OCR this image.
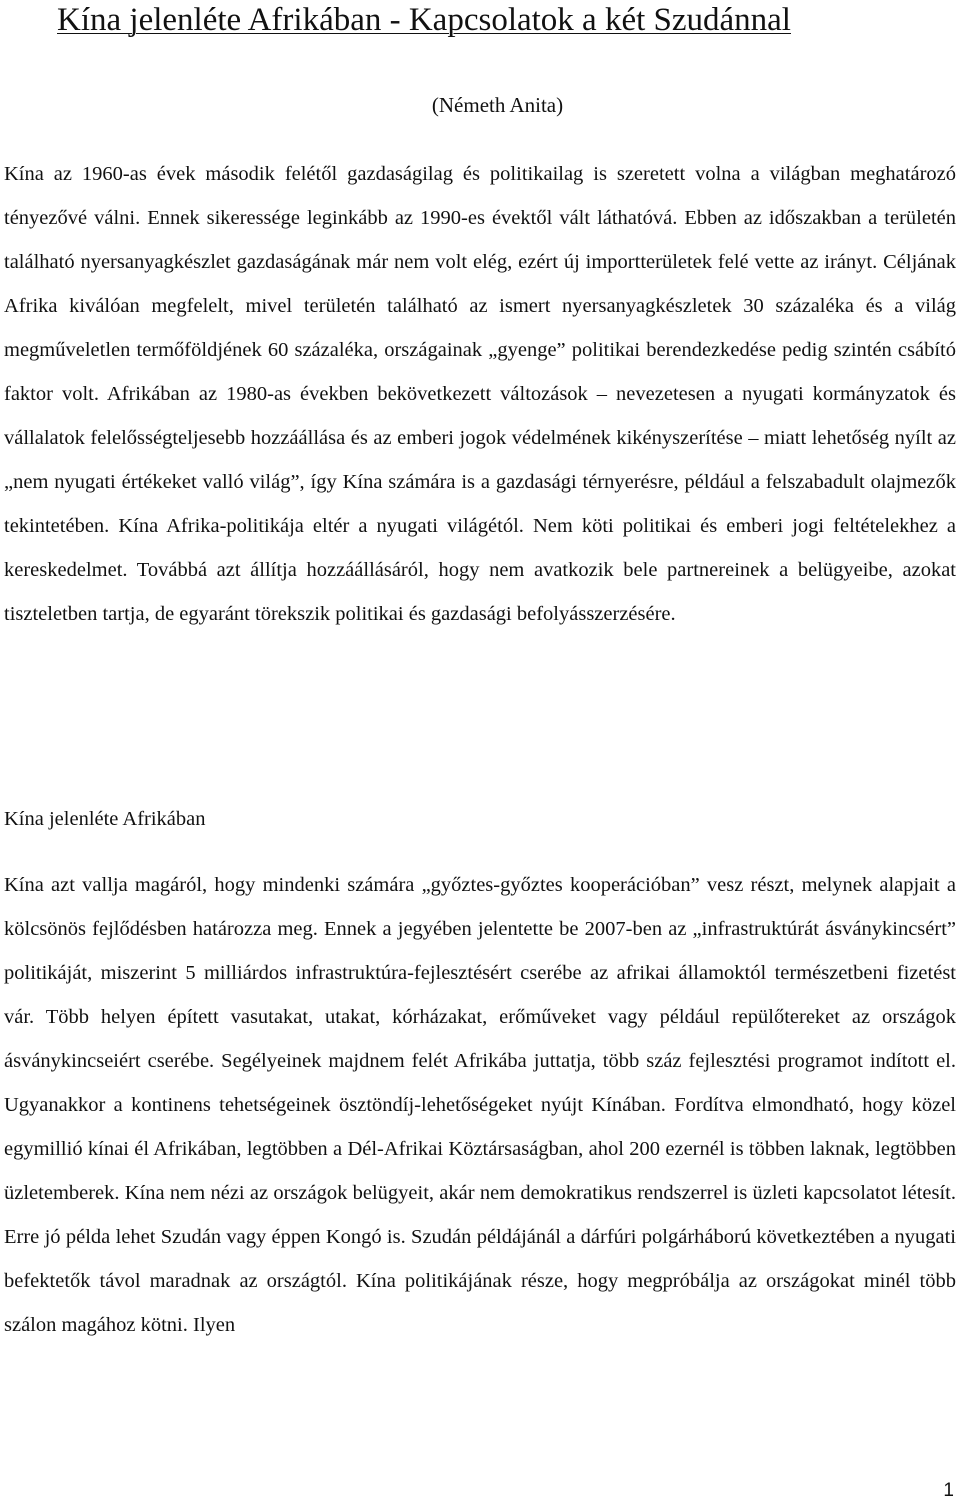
Kína jelenléte Afrikában - Kapcsolatok a két Szudánnal

(Németh Anita)

Kína az 1960-as évek második felétől gazdaságilag és politikailag is szeretett volna a világban meghatározó tényezővé válni. Ennek sikeressége leginkább az 1990-es évektől vált láthatóvá. Ebben az időszakban a területén található nyersanyagkészlet gazdaságának már nem volt elég, ezért új importterületek felé vette az irányt. Céljának Afrika kiválóan megfelelt, mivel területén található az ismert nyersanyagkészletek 30 százaléka és a világ megműveletlen termőföldjének 60 százaléka, országainak „gyenge” politikai berendezkedése pedig szintén csábító faktor volt. Afrikában az 1980-as években bekövetkezett változások – nevezetesen a nyugati kormányzatok és vállalatok felelősségteljesebb hozzáállása és az emberi jogok védelmének kikényszerítése – miatt lehetőség nyílt az „nem nyugati értékeket valló világ”, így Kína számára is a gazdasági térnyerésre, például a felszabadult olajmezők tekintetében. Kína Afrika-politikája eltér a nyugati világétól. Nem köti politikai és emberi jogi feltételekhez a kereskedelmet. Továbbá azt állítja hozzáállásáról, hogy nem avatkozik bele partnereinek a belügyeibe, azokat tiszteletben tartja, de egyaránt törekszik politikai és gazdasági befolyásszerzésére.

Kína jelenléte Afrikában

Kína azt vallja magáról, hogy mindenki számára „győztes-győztes kooperációban” vesz részt, melynek alapjait a kölcsönös fejlődésben határozza meg. Ennek a jegyében jelentette be 2007-ben az „infrastruktúrát ásványkincsért” politikáját, miszerint 5 milliárdos infrastruktúra-fejlesztésért cserébe az afrikai államoktól természetbeni fizetést vár. Több helyen épített vasutakat, utakat, kórházakat, erőműveket vagy például repülőtereket az országok ásványkincseiért cserébe. Segélyeinek majdnem felét Afrikába juttatja, több száz fejlesztési programot indított el. Ugyanakkor a kontinens tehetségeinek ösztöndíj-lehetőségeket nyújt Kínában. Fordítva elmondható, hogy közel egymillió kínai él Afrikában, legtöbben a Dél-Afrikai Köztársaságban, ahol 200 ezernél is többen laknak, legtöbben üzletemberek. Kína nem nézi az országok belügyeit, akár nem demokratikus rendszerrel is üzleti kapcsolatot létesít. Erre jó példa lehet Szudán vagy éppen Kongó is. Szudán példájánál a dárfúri polgárháború következtében a nyugati befektetők távol maradnak az országtól. Kína politikájának része, hogy megpróbálja az országokat minél több szálon magához kötni. Ilyen

1
